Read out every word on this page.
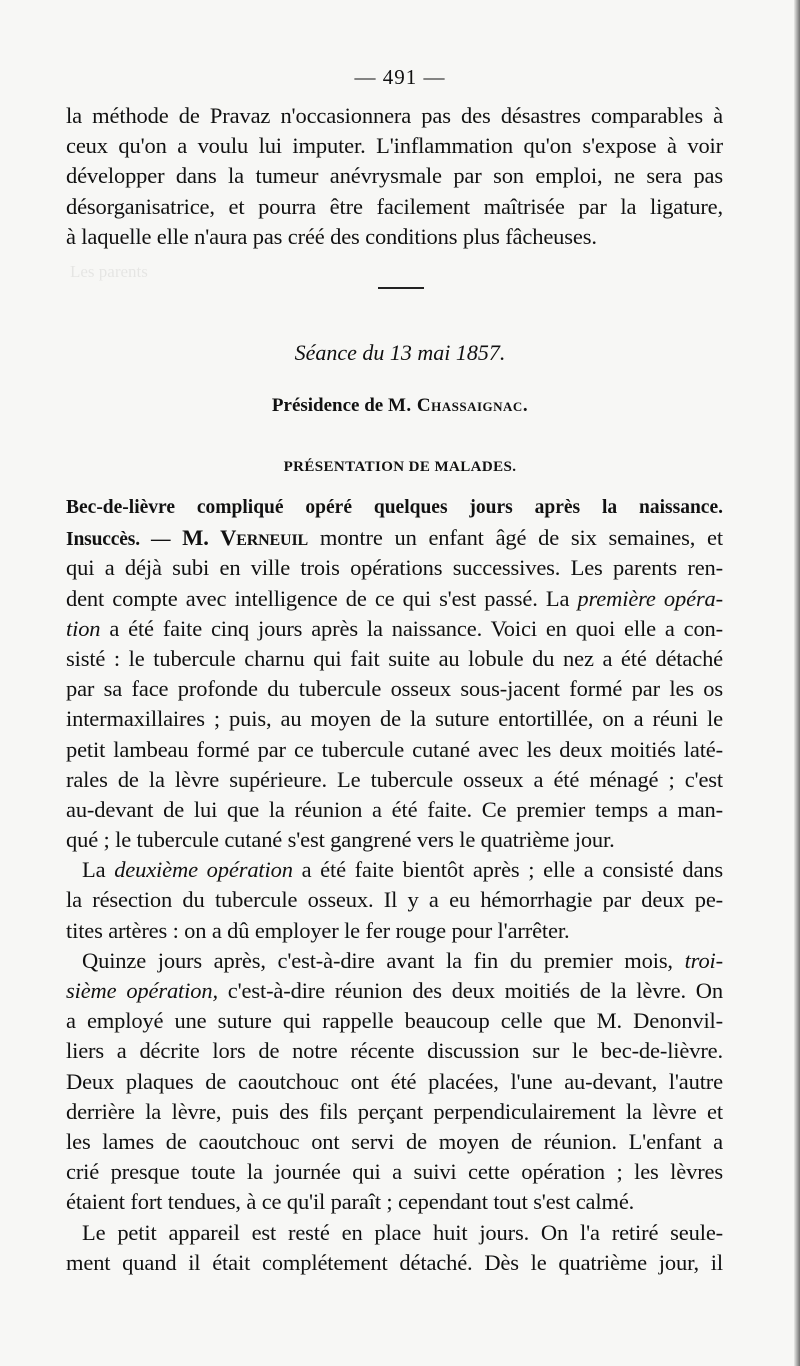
Les parents
— 491 —
la méthode de Pravaz n'occasionnera pas des désastres comparables à
ceux qu'on a voulu lui imputer. L'inflammation qu'on s'expose à voir
développer dans la tumeur anévrysmale par son emploi, ne sera pas
désorganisatrice, et pourra être facilement maîtrisée par la ligature,
à laquelle elle n'aura pas créé des conditions plus fâcheuses.
Séance du 13 mai 1857.
Présidence de M. Chassaignac.
PRÉSENTATION DE MALADES.
Bec-de-lièvre compliqué opéré quelques jours après la naissance.
Insuccès. — M. Verneuil montre un enfant âgé de six semaines, et
qui a déjà subi en ville trois opérations successives. Les parents ren-
dent compte avec intelligence de ce qui s'est passé. La première opéra-
tion a été faite cinq jours après la naissance. Voici en quoi elle a con-
sisté : le tubercule charnu qui fait suite au lobule du nez a été détaché
par sa face profonde du tubercule osseux sous-jacent formé par les os
intermaxillaires ; puis, au moyen de la suture entortillée, on a réuni le
petit lambeau formé par ce tubercule cutané avec les deux moitiés laté-
rales de la lèvre supérieure. Le tubercule osseux a été ménagé ; c'est
au-devant de lui que la réunion a été faite. Ce premier temps a man-
qué ; le tubercule cutané s'est gangrené vers le quatrième jour.
La deuxième opération a été faite bientôt après ; elle a consisté dans
la résection du tubercule osseux. Il y a eu hémorrhagie par deux pe-
tites artères : on a dû employer le fer rouge pour l'arrêter.
Quinze jours après, c'est-à-dire avant la fin du premier mois, troi-
sième opération, c'est-à-dire réunion des deux moitiés de la lèvre. On
a employé une suture qui rappelle beaucoup celle que M. Denonvil-
liers a décrite lors de notre récente discussion sur le bec-de-lièvre.
Deux plaques de caoutchouc ont été placées, l'une au-devant, l'autre
derrière la lèvre, puis des fils perçant perpendiculairement la lèvre et
les lames de caoutchouc ont servi de moyen de réunion. L'enfant a
crié presque toute la journée qui a suivi cette opération ; les lèvres
étaient fort tendues, à ce qu'il paraît ; cependant tout s'est calmé.
Le petit appareil est resté en place huit jours. On l'a retiré seule-
ment quand il était complétement détaché. Dès le quatrième jour, il
